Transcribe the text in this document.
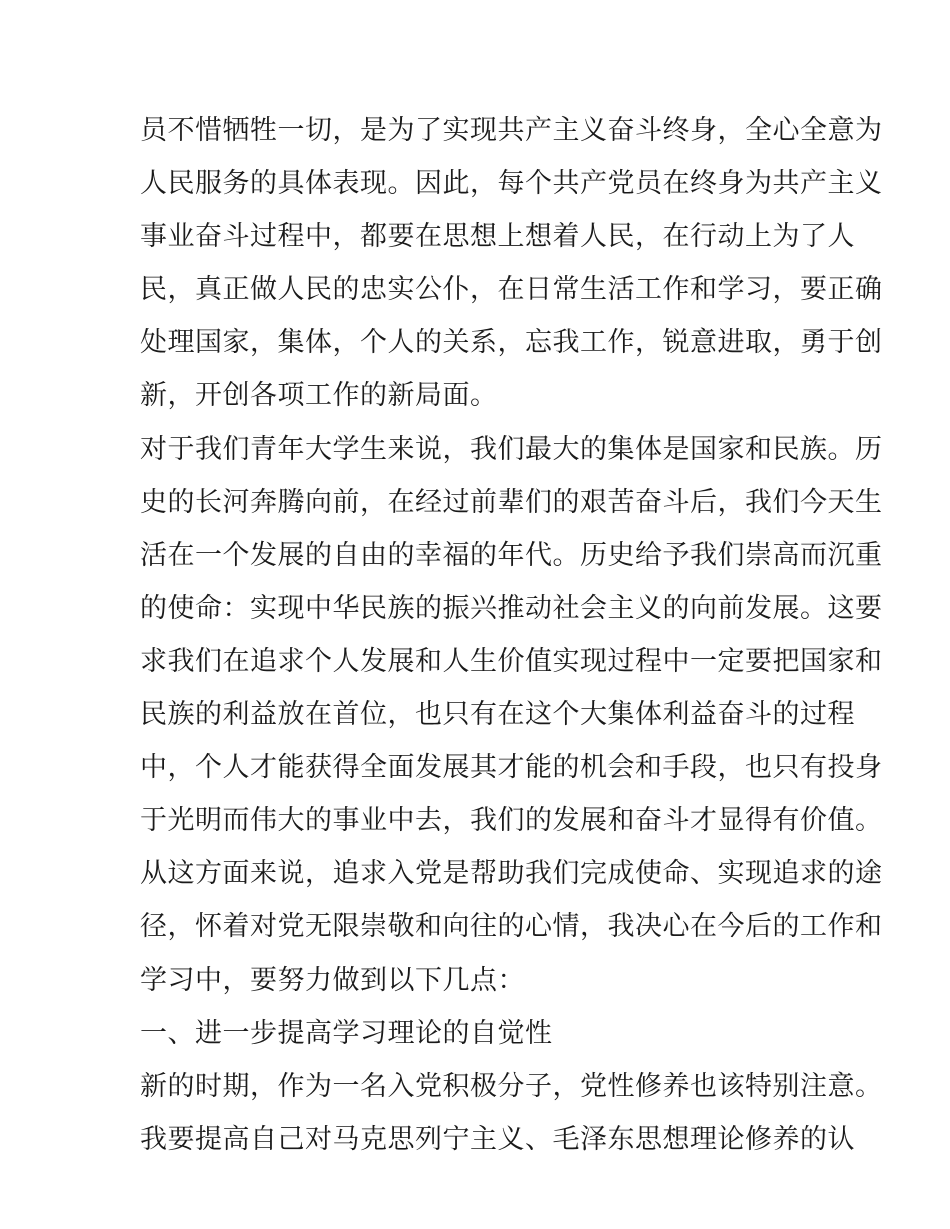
员不惜牺牲一切，是为了实现共产主义奋斗终身，全心全意为
人民服务的具体表现。因此，每个共产党员在终身为共产主义
事业奋斗过程中，都要在思想上想着人民，在行动上为了人
民，真正做人民的忠实公仆，在日常生活工作和学习，要正确
处理国家，集体，个人的关系，忘我工作，锐意进取，勇于创
新，开创各项工作的新局面。
对于我们青年大学生来说，我们最大的集体是国家和民族。历
史的长河奔腾向前，在经过前辈们的艰苦奋斗后，我们今天生
活在一个发展的自由的幸福的年代。历史给予我们崇高而沉重
的使命：实现中华民族的振兴推动社会主义的向前发展。这要
求我们在追求个人发展和人生价值实现过程中一定要把国家和
民族的利益放在首位，也只有在这个大集体利益奋斗的过程
中，个人才能获得全面发展其才能的机会和手段，也只有投身
于光明而伟大的事业中去，我们的发展和奋斗才显得有价值。
从这方面来说，追求入党是帮助我们完成使命、实现追求的途
径，怀着对党无限崇敬和向往的心情，我决心在今后的工作和
学习中，要努力做到以下几点：
一、进一步提高学习理论的自觉性
新的时期，作为一名入党积极分子，党性修养也该特别注意。
我要提高自己对马克思列宁主义、毛泽东思想理论修养的认
